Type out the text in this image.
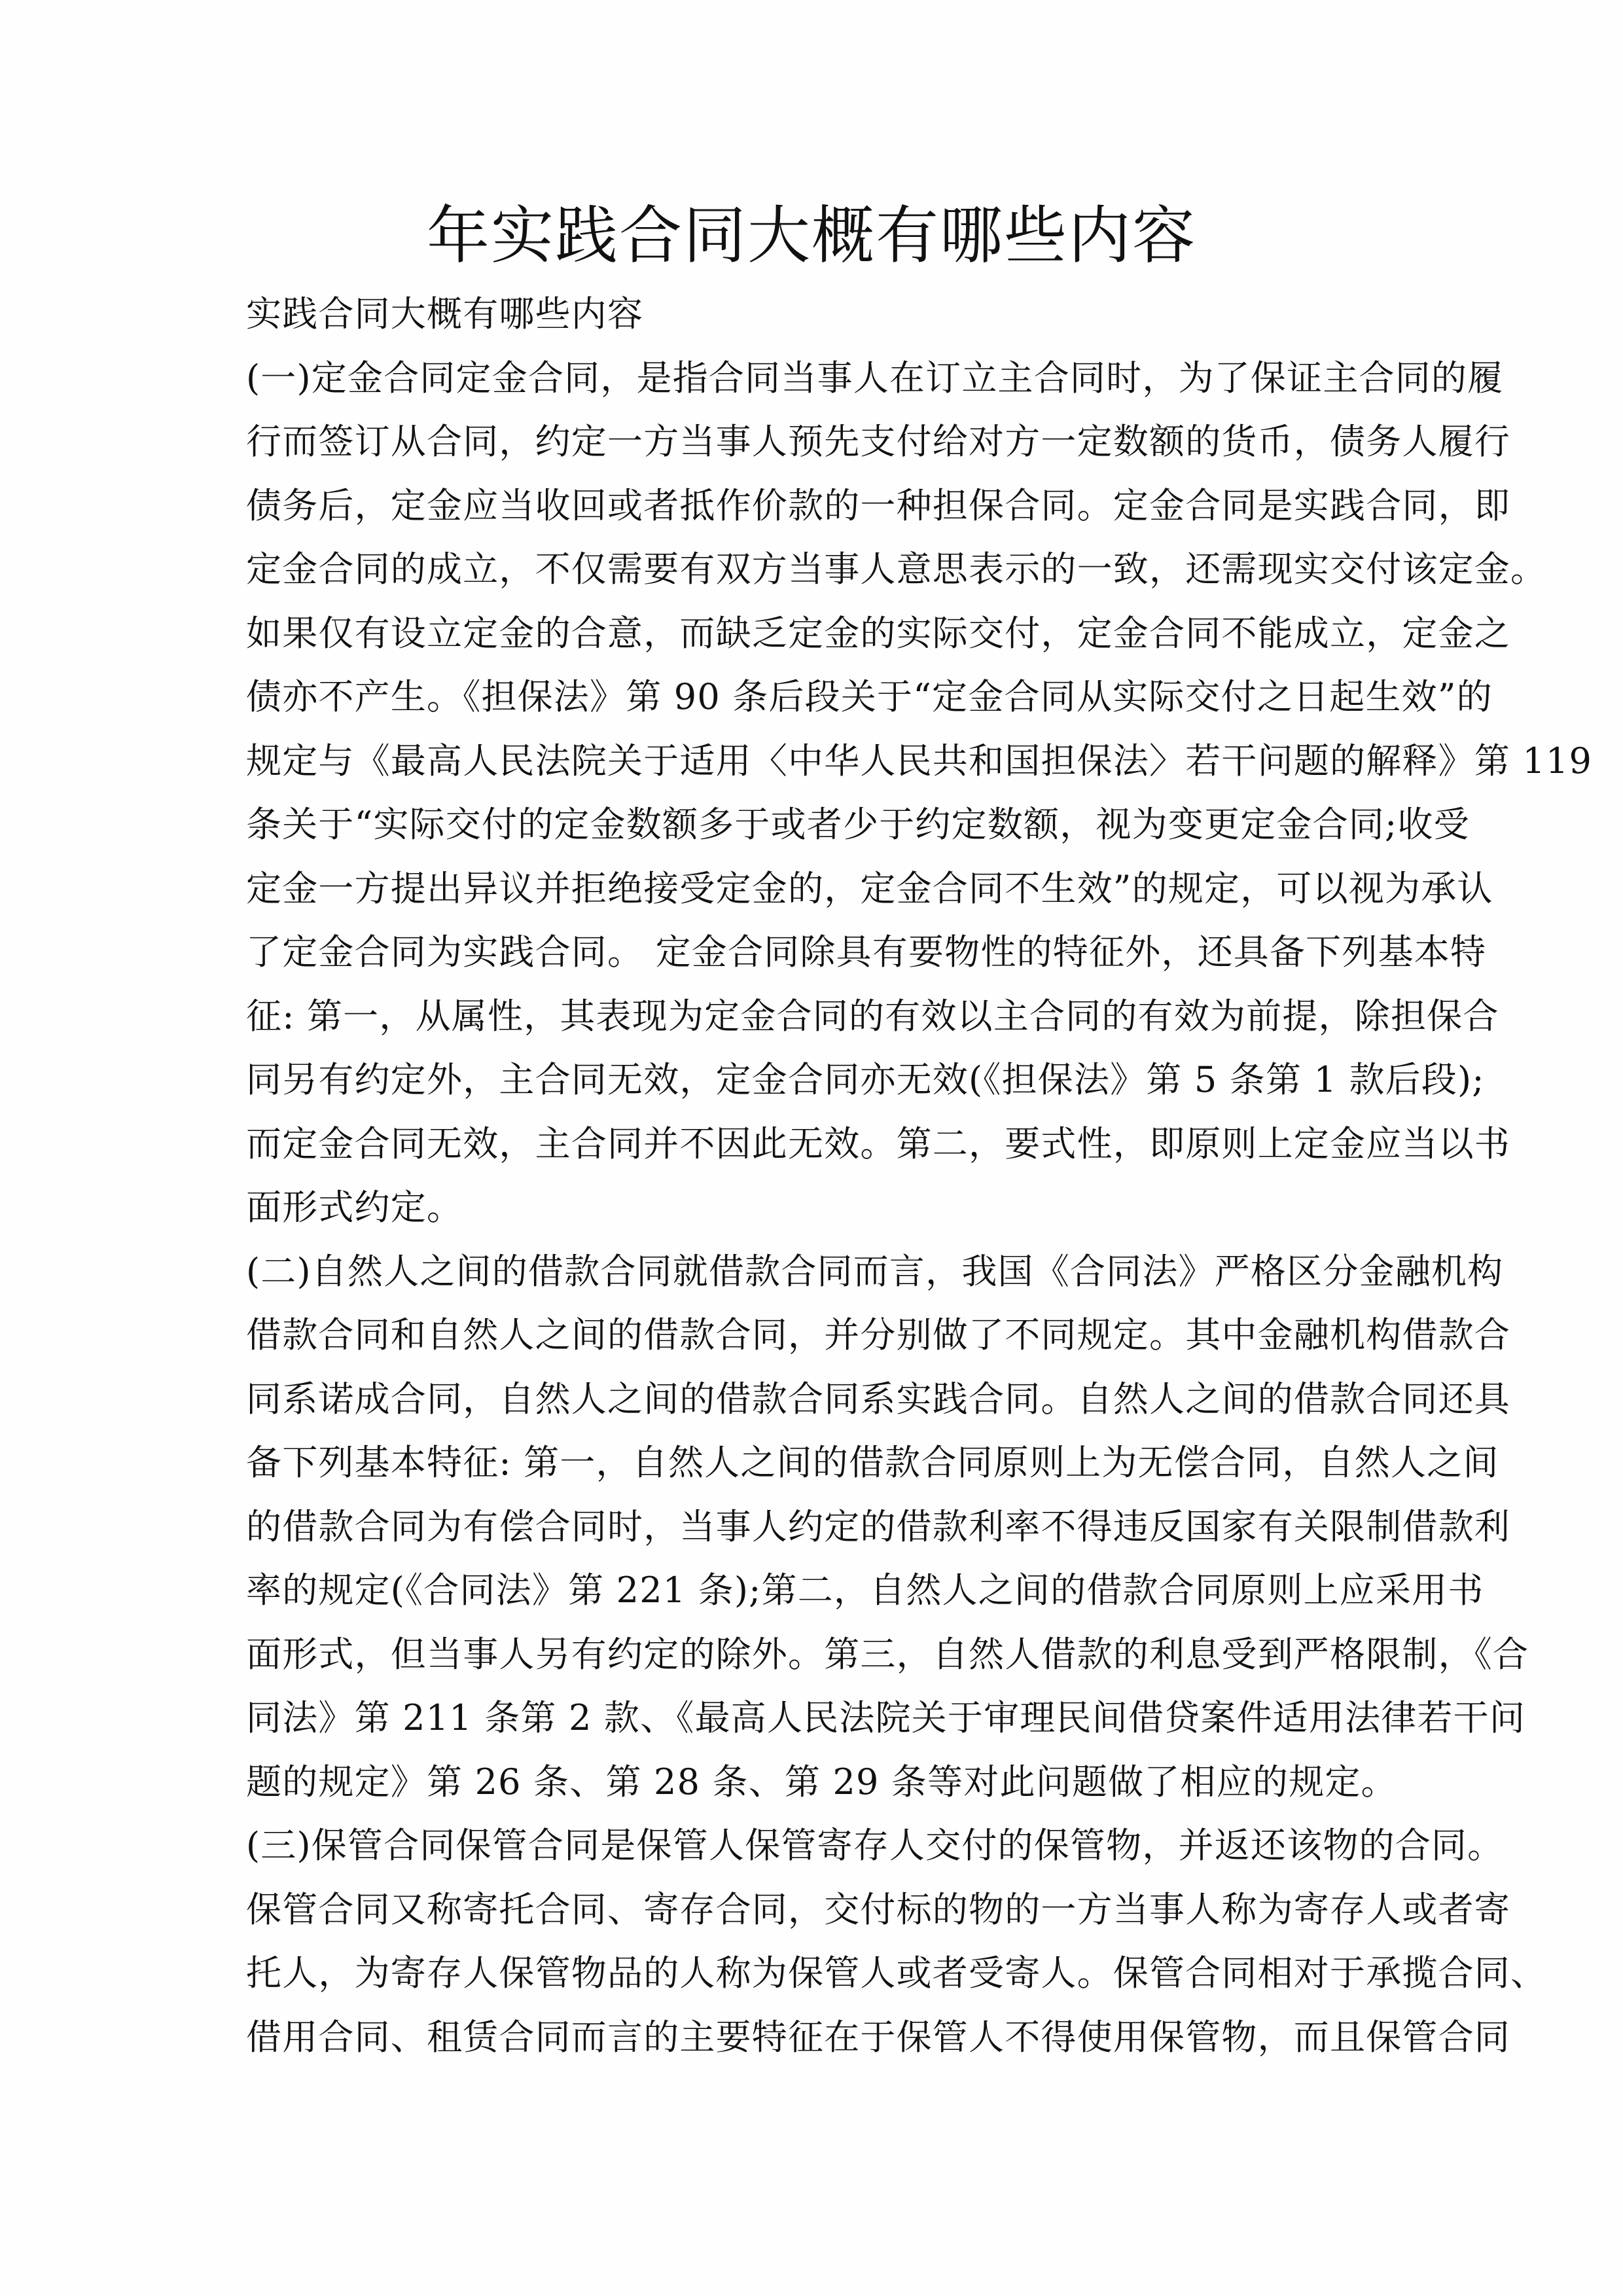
年实践合同大概有哪些内容
实践合同大概有哪些内容
(一)定金合同定金合同，是指合同当事人在订立主合同时，为了保证主合同的履
行而签订从合同，约定一方当事人预先支付给对方一定数额的货币，债务人履行
债务后，定金应当收回或者抵作价款的一种担保合同。定金合同是实践合同，即
定金合同的成立，不仅需要有双方当事人意思表示的一致，还需现实交付该定金。
如果仅有设立定金的合意，而缺乏定金的实际交付，定金合同不能成立，定金之
债亦不产生。《担保法》第 90 条后段关于“定金合同从实际交付之日起生效”的
规定与《最高人民法院关于适用〈中华人民共和国担保法〉若干问题的解释》第 119
条关于“实际交付的定金数额多于或者少于约定数额，视为变更定金合同;收受
定金一方提出异议并拒绝接受定金的，定金合同不生效”的规定，可以视为承认
了定金合同为实践合同。 定金合同除具有要物性的特征外，还具备下列基本特
征: 第一，从属性，其表现为定金合同的有效以主合同的有效为前提，除担保合
同另有约定外，主合同无效，定金合同亦无效(《担保法》第 5 条第 1 款后段);
而定金合同无效，主合同并不因此无效。第二，要式性，即原则上定金应当以书
面形式约定。
(二)自然人之间的借款合同就借款合同而言，我国《合同法》严格区分金融机构
借款合同和自然人之间的借款合同，并分别做了不同规定。其中金融机构借款合
同系诺成合同，自然人之间的借款合同系实践合同。自然人之间的借款合同还具
备下列基本特征: 第一，自然人之间的借款合同原则上为无偿合同，自然人之间
的借款合同为有偿合同时，当事人约定的借款利率不得违反国家有关限制借款利
率的规定(《合同法》第 221 条);第二，自然人之间的借款合同原则上应采用书
面形式，但当事人另有约定的除外。第三，自然人借款的利息受到严格限制，《合
同法》第 211 条第 2 款、《最高人民法院关于审理民间借贷案件适用法律若干问
题的规定》第 26 条、第 28 条、第 29 条等对此问题做了相应的规定。
(三)保管合同保管合同是保管人保管寄存人交付的保管物，并返还该物的合同。
保管合同又称寄托合同、寄存合同，交付标的物的一方当事人称为寄存人或者寄
托人，为寄存人保管物品的人称为保管人或者受寄人。保管合同相对于承揽合同、
借用合同、租赁合同而言的主要特征在于保管人不得使用保管物，而且保管合同
